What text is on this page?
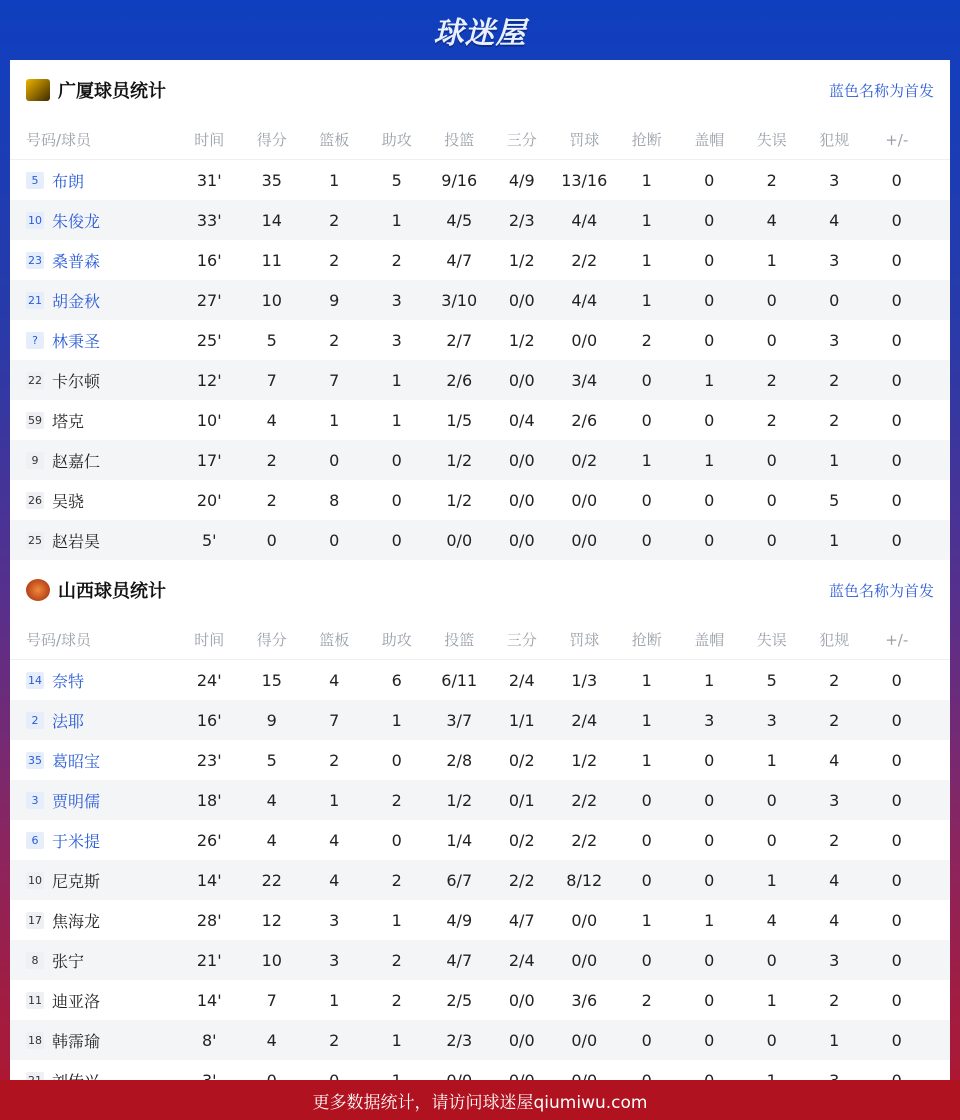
球迷屋
广厦球员统计	蓝色名称为首发
号码/球员	时间	得分	篮板	助攻	投篮	三分	罚球	抢断	盖帽	失误	犯规	+/-
5 布朗	31'	35	1	5	9/16	4/9	13/16	1	0	2	3	0
10 朱俊龙	33'	14	2	1	4/5	2/3	4/4	1	0	4	4	0
23 桑普森	16'	11	2	2	4/7	1/2	2/2	1	0	1	3	0
21 胡金秋	27'	10	9	3	3/10	0/0	4/4	1	0	0	0	0
? 林秉圣	25'	5	2	3	2/7	1/2	0/0	2	0	0	3	0
22 卡尔顿	12'	7	7	1	2/6	0/0	3/4	0	1	2	2	0
59 塔克	10'	4	1	1	1/5	0/4	2/6	0	0	2	2	0
9 赵嘉仁	17'	2	0	0	1/2	0/0	0/2	1	1	0	1	0
26 吴骁	20'	2	8	0	1/2	0/0	0/0	0	0	0	5	0
25 赵岩昊	5'	0	0	0	0/0	0/0	0/0	0	0	0	1	0
山西球员统计	蓝色名称为首发
号码/球员	时间	得分	篮板	助攻	投篮	三分	罚球	抢断	盖帽	失误	犯规	+/-
14 奈特	24'	15	4	6	6/11	2/4	1/3	1	1	5	2	0
2 法耶	16'	9	7	1	3/7	1/1	2/4	1	3	3	2	0
35 葛昭宝	23'	5	2	0	2/8	0/2	1/2	1	0	1	4	0
3 贾明儒	18'	4	1	2	1/2	0/1	2/2	0	0	0	3	0
6 于米提	26'	4	4	0	1/4	0/2	2/2	0	0	0	2	0
10 尼克斯	14'	22	4	2	6/7	2/2	8/12	0	0	1	4	0
17 焦海龙	28'	12	3	1	4/9	4/7	0/0	1	1	4	4	0
8 张宁	21'	10	3	2	4/7	2/4	0/0	0	0	0	3	0
11 迪亚洛	14'	7	1	2	2/5	0/0	3/6	2	0	1	2	0
18 韩霈瑜	8'	4	2	1	2/3	0/0	0/0	0	0	0	1	0
更多数据统计，请访问球迷屋qiumiwu.com
